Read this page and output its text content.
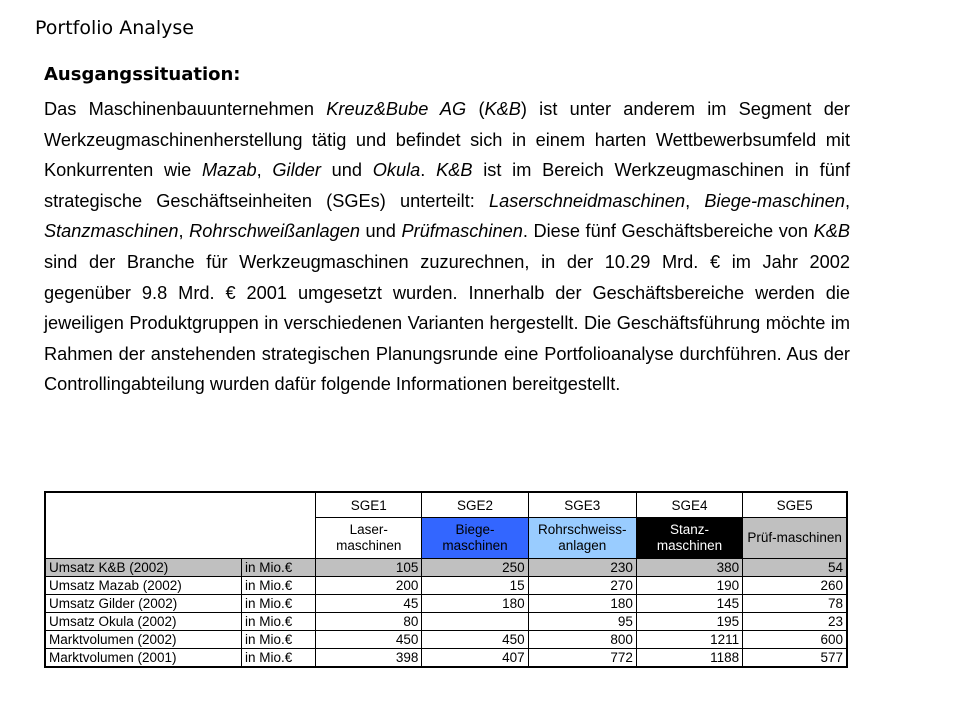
Portfolio Analyse
Ausgangssituation:

Das Maschinenbauunternehmen Kreuz&Bube AG (K&B) ist unter anderem im Segment der Werkzeugmaschinenherstellung tätig und befindet sich in einem harten Wettbewerbsumfeld mit Konkurrenten wie Mazab, Gilder und Okula. K&B ist im Bereich Werkzeugmaschinen in fünf strategische Geschäftseinheiten (SGEs) unterteilt: Laserschneidmaschinen, Biege-maschinen, Stanzmaschinen, Rohrschweißanlagen und Prüfmaschinen. Diese fünf Geschäftsbereiche von K&B sind der Branche für Werkzeugmaschinen zuzurechnen, in der 10.29 Mrd. € im Jahr 2002 gegenüber 9.8 Mrd. € 2001 umgesetzt wurden. Innerhalb der Geschäftsbereiche werden die jeweiligen Produktgruppen in verschiedenen Varianten hergestellt. Die Geschäftsführung möchte im Rahmen der anstehenden strategischen Planungsrunde eine Portfolioanalyse durchführen. Aus der Controllingabteilung wurden dafür folgende Informationen bereitgestellt.

		SGE1	SGE2	SGE3	SGE4	SGE5
		Laser-maschinen	Biege-maschinen	Rohrschweiss-anlagen	Stanz-maschinen	Prüf-maschinen
Umsatz K&B (2002)	in Mio.€	105	250	230	380	54
Umsatz Mazab (2002)	in Mio.€	200	15	270	190	260
Umsatz Gilder (2002)	in Mio.€	45	180	180	145	78
Umsatz Okula (2002)	in Mio.€	80		95	195	23
Marktvolumen (2002)	in Mio.€	450	450	800	1211	600
Marktvolumen (2001)	in Mio.€	398	407	772	1188	577
